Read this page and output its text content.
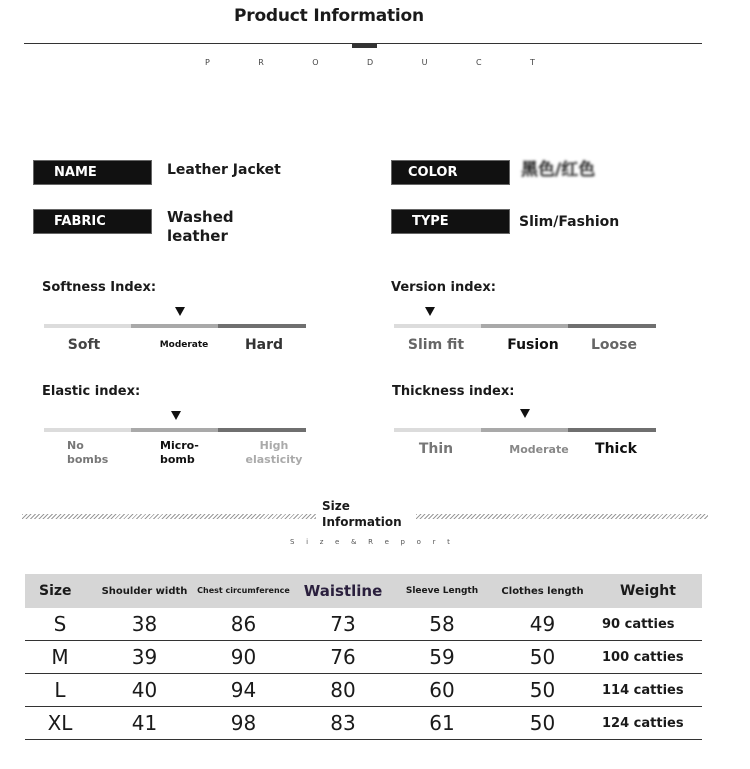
Product Information
P	R	O	D	U	C	T
NAME	Leather Jacket	COLOR	黑色/红色
FABRIC	Washed leather
TYPE	Slim/Fashion
Softness Index:
Soft	Moderate	Hard
Version index:
Slim fit	Fusion	Loose
Elastic index:
No bombs
Micro-bomb
High elasticity
Thickness index:
Thin	Moderate	Thick
Size Information
S i z e & R e p o r t
Size	Shoulder width	Chest circumference	Waistline	Sleeve Length	Clothes length	Weight
S	38	86	73	58	49	90 catties
M	39	90	76	59	50	100 catties
L	40	94	80	60	50	114 catties
XL	41	98	83	61	50	124 catties
